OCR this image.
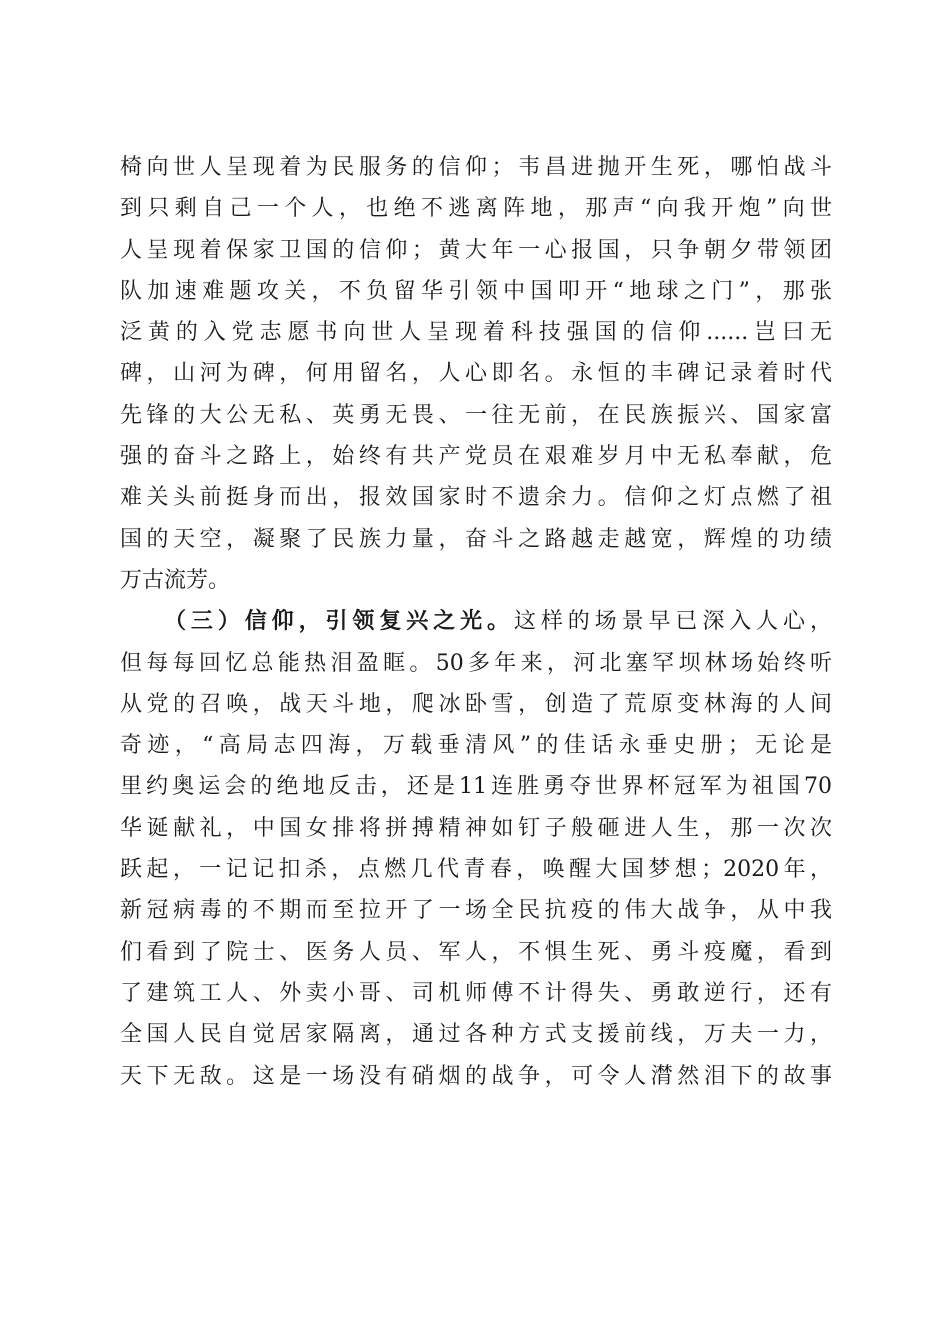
椅向世人呈现着为民服务的信仰；韦昌进抛开生死，哪怕战斗
到只剩自己一个人，也绝不逃离阵地，那声“向我开炮”向世
人呈现着保家卫国的信仰；黄大年一心报国，只争朝夕带领团
队加速难题攻关，不负留华引领中国叩开“地球之门”，那张
泛黄的入党志愿书向世人呈现着科技强国的信仰......岂曰无
碑，山河为碑，何用留名，人心即名。永恒的丰碑记录着时代
先锋的大公无私、英勇无畏、一往无前，在民族振兴、国家富
强的奋斗之路上，始终有共产党员在艰难岁月中无私奉献，危
难关头前挺身而出，报效国家时不遗余力。信仰之灯点燃了祖
国的天空，凝聚了民族力量，奋斗之路越走越宽，辉煌的功绩
万古流芳。
（三）信仰，引领复兴之光。这样的场景早已深入人心，
但每每回忆总能热泪盈眶。50多年来，河北塞罕坝林场始终听
从党的召唤，战天斗地，爬冰卧雪，创造了荒原变林海的人间
奇迹，“高局志四海，万载垂清风”的佳话永垂史册；无论是
里约奥运会的绝地反击，还是11连胜勇夺世界杯冠军为祖国70
华诞献礼，中国女排将拼搏精神如钉子般砸进人生，那一次次
跃起，一记记扣杀，点燃几代青春，唤醒大国梦想；2020年，
新冠病毒的不期而至拉开了一场全民抗疫的伟大战争，从中我
们看到了院士、医务人员、军人，不惧生死、勇斗疫魔，看到
了建筑工人、外卖小哥、司机师傅不计得失、勇敢逆行，还有
全国人民自觉居家隔离，通过各种方式支援前线，万夫一力，
天下无敌。这是一场没有硝烟的战争，可令人潸然泪下的故事
